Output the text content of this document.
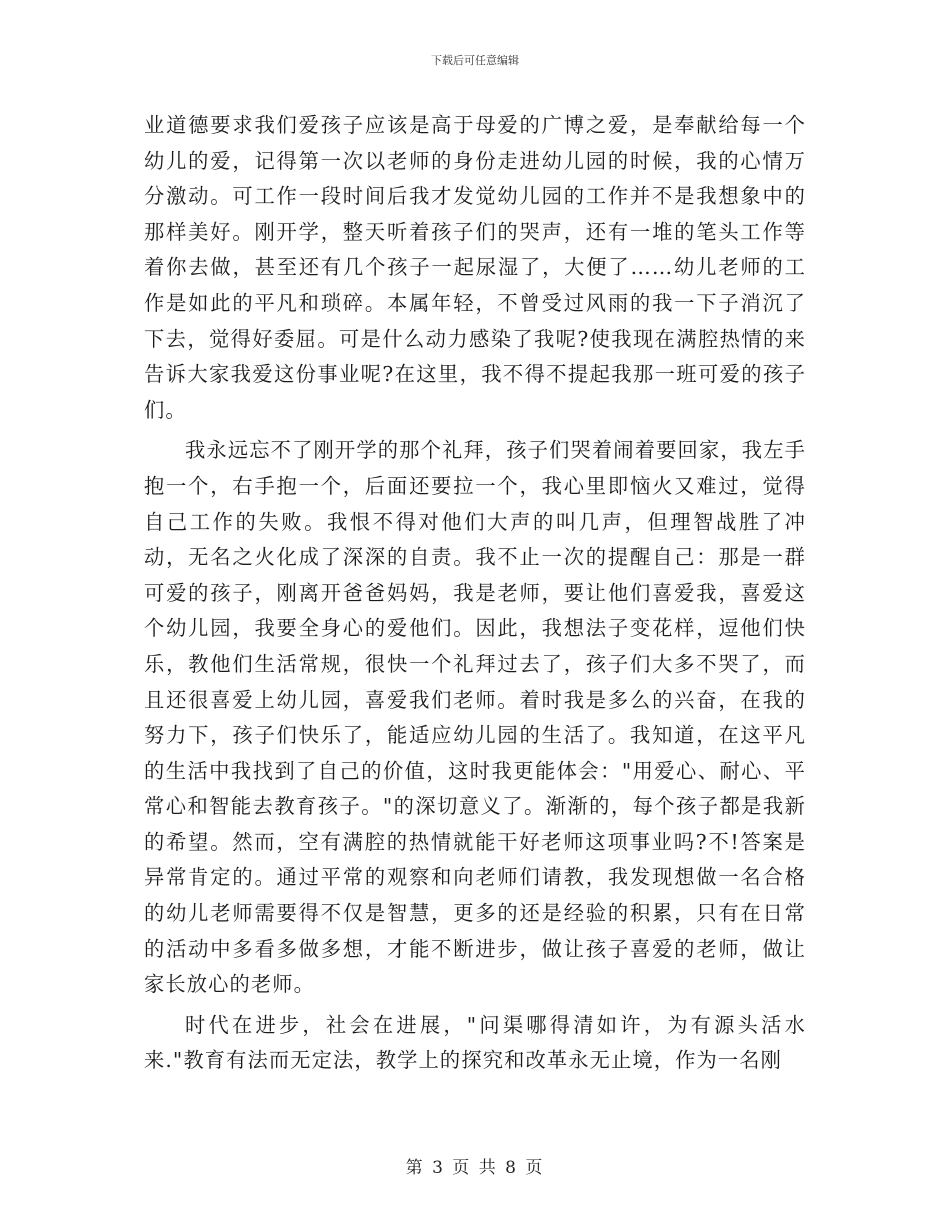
下载后可任意编辑

业道德要求我们爱孩子应该是高于母爱的广博之爱，是奉献给每一个幼儿的爱，记得第一次以老师的身份走进幼儿园的时候，我的心情万分激动。可工作一段时间后我才发觉幼儿园的工作并不是我想象中的那样美好。刚开学，整天听着孩子们的哭声，还有一堆的笔头工作等着你去做，甚至还有几个孩子一起尿湿了，大便了……幼儿老师的工作是如此的平凡和琐碎。本属年轻，不曾受过风雨的我一下子消沉了下去，觉得好委屈。可是什么动力感染了我呢?使我现在满腔热情的来告诉大家我爱这份事业呢?在这里，我不得不提起我那一班可爱的孩子们。

我永远忘不了刚开学的那个礼拜，孩子们哭着闹着要回家，我左手抱一个，右手抱一个，后面还要拉一个，我心里即恼火又难过，觉得自己工作的失败。我恨不得对他们大声的叫几声，但理智战胜了冲动，无名之火化成了深深的自责。我不止一次的提醒自己：那是一群可爱的孩子，刚离开爸爸妈妈，我是老师，要让他们喜爱我，喜爱这个幼儿园，我要全身心的爱他们。因此，我想法子变花样，逗他们快乐，教他们生活常规，很快一个礼拜过去了，孩子们大多不哭了，而且还很喜爱上幼儿园，喜爱我们老师。着时我是多么的兴奋，在我的努力下，孩子们快乐了，能适应幼儿园的生活了。我知道，在这平凡的生活中我找到了自己的价值，这时我更能体会："用爱心、耐心、平常心和智能去教育孩子。"的深切意义了。渐渐的，每个孩子都是我新的希望。然而，空有满腔的热情就能干好老师这项事业吗?不!答案是异常肯定的。通过平常的观察和向老师们请教，我发现想做一名合格的幼儿老师需要得不仅是智慧，更多的还是经验的积累，只有在日常的活动中多看多做多想，才能不断进步，做让孩子喜爱的老师，做让家长放心的老师。

时代在进步，社会在进展，"问渠哪得清如许，为有源头活水来."教育有法而无定法，教学上的探究和改革永无止境，作为一名刚

第 3 页 共 8 页
